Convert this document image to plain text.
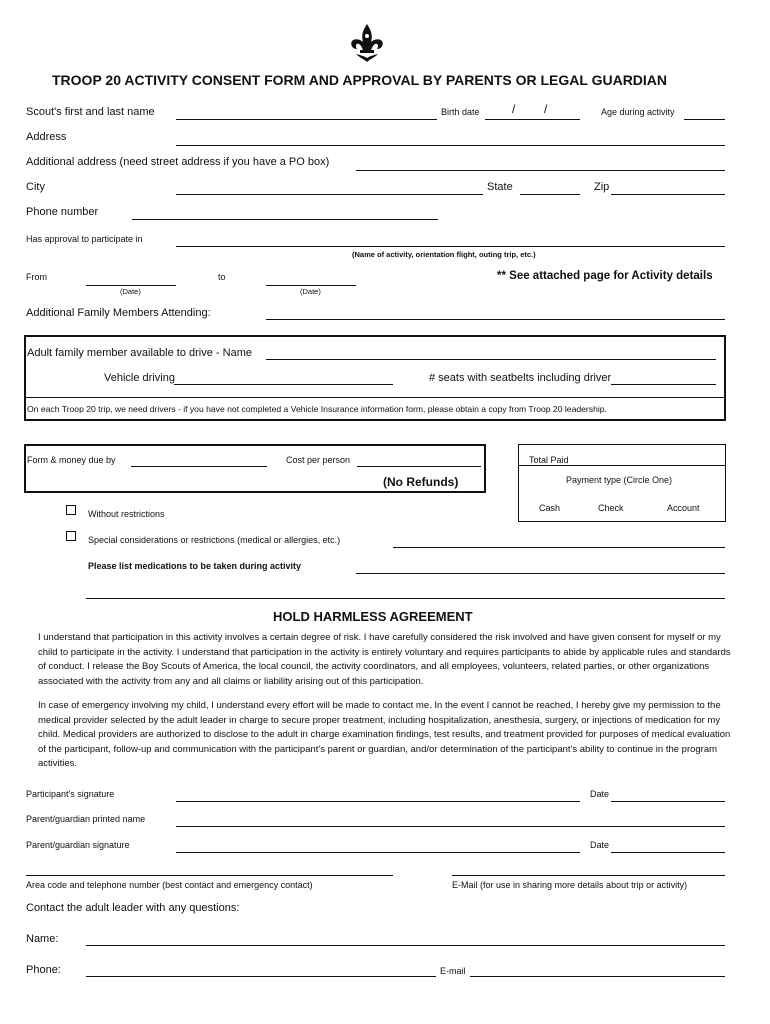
TROOP 20 ACTIVITY CONSENT FORM AND APPROVAL BY PARENTS OR LEGAL GUARDIAN
Scout's first and last name	Birth date	/ /	Age during activity
Address
Additional address (need street address if you have a PO box)
City	State	Zip
Phone number
Has approval to participate in
(Name of activity, orientation flight, outing trip, etc.)
From
(Date)
to
(Date)
** See attached page for Activity details
Additional Family Members Attending:
Adult family member available to drive - Name
Vehicle driving	# seats with seatbelts including driver
On each Troop 20 trip, we need drivers - if you have not completed a Vehicle Insurance information form, please obtain a copy from Troop 20 leadership.
Form & money due by	Cost per person
(No Refunds)
Total Paid
Payment type (Circle One)
Cash	Check	Account
Without restrictions
Special considerations or restrictions (medical or allergies, etc.)
Please list medications to be taken during activity
HOLD HARMLESS AGREEMENT
I understand that participation in this activity involves a certain degree of risk. I have carefully considered the risk involved and have given consent for myself or my child to participate in the activity. I understand that participation in the activity is entirely voluntary and requires participants to abide by applicable rules and standards of conduct. I release the Boy Scouts of America, the local council, the activity coordinators, and all employees, volunteers, related parties, or other organizations associated with the activity from any and all claims or liability arising out of this participation.
In case of emergency involving my child, I understand every effort will be made to contact me. In the event I cannot be reached, I hereby give my permission to the medical provider selected by the adult leader in charge to secure proper treatment, including hospitalization, anesthesia, surgery, or injections of medication for my child. Medical providers are authorized to disclose to the adult in charge examination findings, test results, and treatment provided for purposes of medical evaluation of the participant, follow-up and communication with the participant's parent or guardian, and/or determination of the participant's ability to continue in the program activities.
Participant's signature	Date
Parent/guardian printed name
Parent/guardian signature	Date
Area code and telephone number (best contact and emergency contact)	E-Mail (for use in sharing more details about trip or activity)
Contact the adult leader with any questions:
Name:
Phone:	E-mail
